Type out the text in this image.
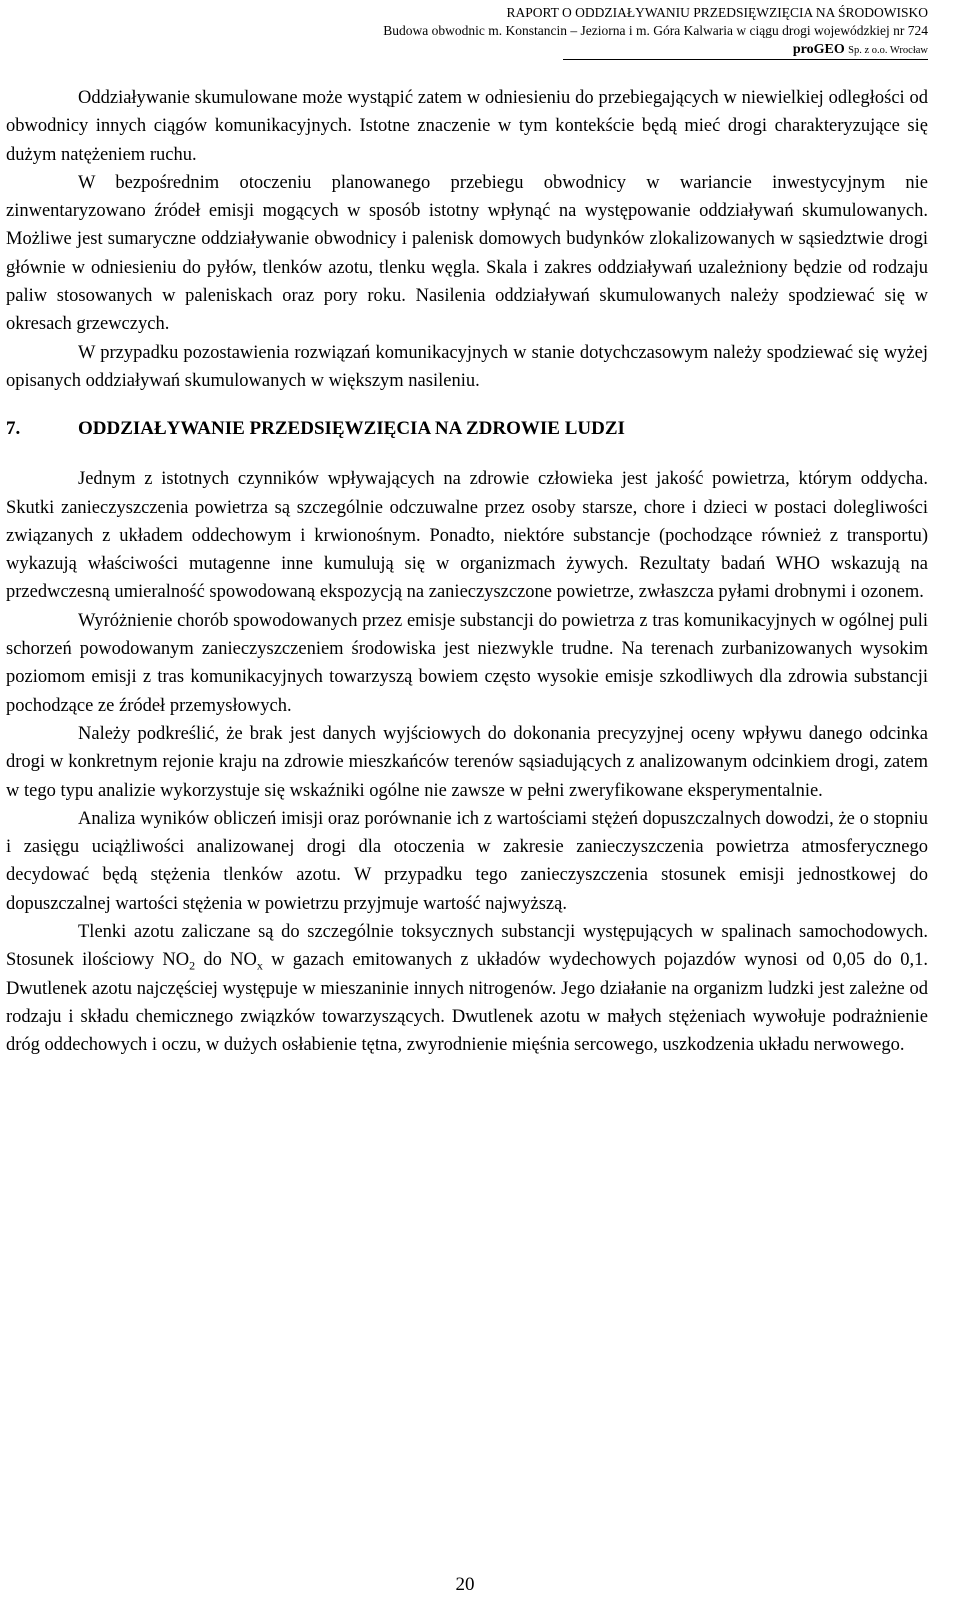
RAPORT O ODDZIAŁYWANIU PRZEDSIĘWZIĘCIA NA ŚRODOWISKO
Budowa obwodnic m. Konstancin – Jeziorna i m. Góra Kalwaria w ciągu drogi wojewódzkiej nr 724
proGEO Sp. z o.o. Wrocław

Oddziaływanie skumulowane może wystąpić zatem w odniesieniu do przebiegających w niewielkiej odległości od obwodnicy innych ciągów komunikacyjnych. Istotne znaczenie w tym kontekście będą mieć drogi charakteryzujące się dużym natężeniem ruchu.

W bezpośrednim otoczeniu planowanego przebiegu obwodnicy w wariancie inwestycyjnym nie zinwentaryzowano źródeł emisji mogących w sposób istotny wpłynąć na występowanie oddziaływań skumulowanych. Możliwe jest sumaryczne oddziaływanie obwodnicy i palenisk domowych budynków zlokalizowanych w sąsiedztwie drogi głównie w odniesieniu do pyłów, tlenków azotu, tlenku węgla. Skala i zakres oddziaływań uzależniony będzie od rodzaju paliw stosowanych w paleniskach oraz pory roku. Nasilenia oddziaływań skumulowanych należy spodziewać się w okresach grzewczych.

W przypadku pozostawienia rozwiązań komunikacyjnych w stanie dotychczasowym należy spodziewać się wyżej opisanych oddziaływań skumulowanych w większym nasileniu.

7.	ODDZIAŁYWANIE PRZEDSIĘWZIĘCIA NA ZDROWIE LUDZI

Jednym z istotnych czynników wpływających na zdrowie człowieka jest jakość powietrza, którym oddycha. Skutki zanieczyszczenia powietrza są szczególnie odczuwalne przez osoby starsze, chore i dzieci w postaci dolegliwości związanych z układem oddechowym i krwionośnym. Ponadto, niektóre substancje (pochodzące również z transportu) wykazują właściwości mutagenne inne kumulują się w organizmach żywych. Rezultaty badań WHO wskazują na przedwczesną umieralność spowodowaną ekspozycją na zanieczyszczone powietrze, zwłaszcza pyłami drobnymi i ozonem.

Wyróżnienie chorób spowodowanych przez emisje substancji do powietrza z tras komunikacyjnych w ogólnej puli schorzeń powodowanym zanieczyszczeniem środowiska jest niezwykle trudne. Na terenach zurbanizowanych wysokim poziomom emisji z tras komunikacyjnych towarzyszą bowiem często wysokie emisje szkodliwych dla zdrowia substancji pochodzące ze źródeł przemysłowych.

Należy podkreślić, że brak jest danych wyjściowych do dokonania precyzyjnej oceny wpływu danego odcinka drogi w konkretnym rejonie kraju na zdrowie mieszkańców terenów sąsiadujących z analizowanym odcinkiem drogi, zatem w tego typu analizie wykorzystuje się wskaźniki ogólne nie zawsze w pełni zweryfikowane eksperymentalnie.

Analiza wyników obliczeń imisji oraz porównanie ich z wartościami stężeń dopuszczalnych dowodzi, że o stopniu i zasięgu uciążliwości analizowanej drogi dla otoczenia w zakresie zanieczyszczenia powietrza atmosferycznego decydować będą stężenia tlenków azotu. W przypadku tego zanieczyszczenia stosunek emisji jednostkowej do dopuszczalnej wartości stężenia w powietrzu przyjmuje wartość najwyższą.

Tlenki azotu zaliczane są do szczególnie toksycznych substancji występujących w spalinach samochodowych. Stosunek ilościowy $NO_2$ do $NO_x$ w gazach emitowanych z układów wydechowych pojazdów wynosi od 0,05 do 0,1. Dwutlenek azotu najczęściej występuje w mieszaninie innych nitrogenów. Jego działanie na organizm ludzki jest zależne od rodzaju i składu chemicznego związków towarzyszących. Dwutlenek azotu w małych stężeniach wywołuje podrażnienie dróg oddechowych i oczu, w dużych osłabienie tętna, zwyrodnienie mięśnia sercowego, uszkodzenia układu nerwowego.

20
